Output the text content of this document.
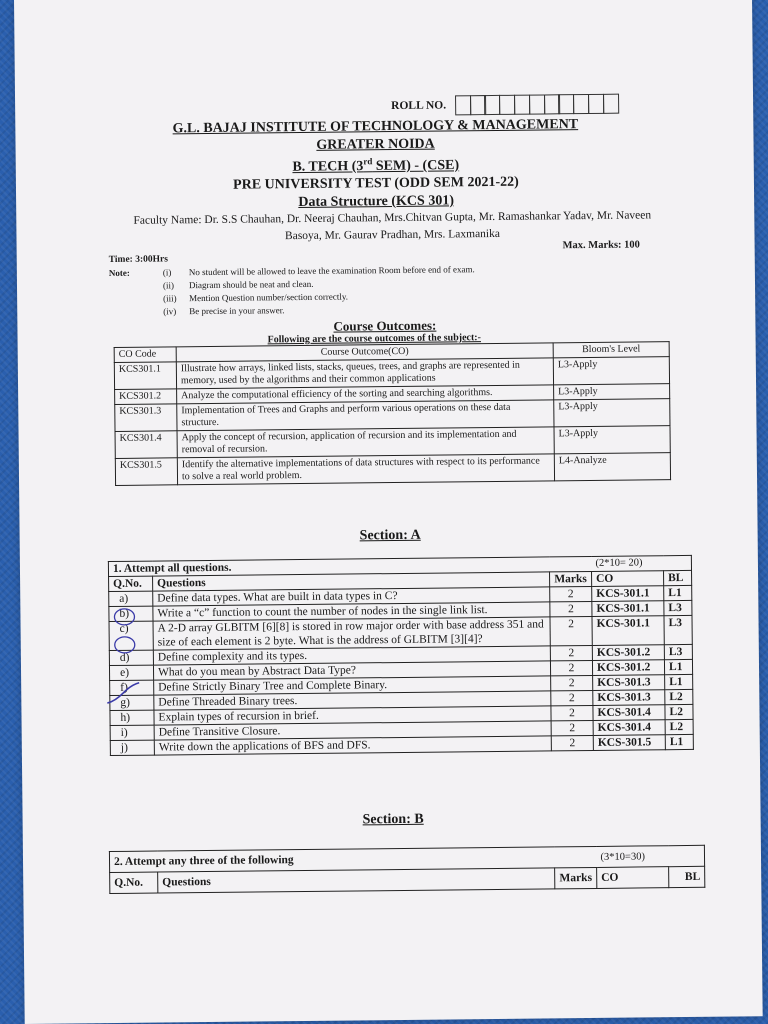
ROLL NO.
G.L. BAJAJ INSTITUTE OF TECHNOLOGY & MANAGEMENT
GREATER NOIDA
B. TECH (3rd SEM) - (CSE)
PRE UNIVERSITY TEST (ODD SEM 2021-22)
Data Structure (KCS 301)
Faculty Name: Dr. S.S Chauhan, Dr. Neeraj Chauhan, Mrs.Chitvan Gupta, Mr. Ramashankar Yadav, Mr. Naveen Basoya, Mr. Gaurav Pradhan, Mrs. Laxmanika
Time: 3:00Hrs
Max. Marks: 100
Note:	(i)	No student will be allowed to leave the examination Room before end of exam.
(ii)	Diagram should be neat and clean.
(iii)	Mention Question number/section correctly.
(iv)	Be precise in your answer.
Course Outcomes:
Following are the course outcomes of the subject:-
CO Code	Course Outcome(CO)	Bloom's Level
KCS301.1	Illustrate how arrays, linked lists, stacks, queues, trees, and graphs are represented in memory, used by the algorithms and their common applications	L3-Apply
KCS301.2	Analyze the computational efficiency of the sorting and searching algorithms.	L3-Apply
KCS301.3	Implementation of Trees and Graphs and perform various operations on these data structure.	L3-Apply
KCS301.4	Apply the concept of recursion, application of recursion and its implementation and removal of recursion.	L3-Apply
KCS301.5	Identify the alternative implementations of data structures with respect to its performance to solve a real world problem.	L4-Analyze
Section: A
1. Attempt all questions.			(2*10= 20)	
Q.No.	Questions	Marks	CO	BL
a)	Define data types. What are built in data types in C?	2	KCS-301.1	L1
b)	Write a “c” function to count the number of nodes in the single link list.	2	KCS-301.1	L3
c)	A 2-D array GLBITM [6][8] is stored in row major order with base address 351 and size of each element is 2 byte. What is the address of GLBITM [3][4]?	2	KCS-301.1	L3
d)	Define complexity and its types.	2	KCS-301.2	L3
e)	What do you mean by Abstract Data Type?	2	KCS-301.2	L1
f)	Define Strictly Binary Tree and Complete Binary.	2	KCS-301.3	L1
g)	Define Threaded Binary trees.	2	KCS-301.3	L2
h)	Explain types of recursion in brief.	2	KCS-301.4	L2
i)	Define Transitive Closure.	2	KCS-301.4	L2
j)	Write down the applications of BFS and DFS.	2	KCS-301.5	L1
Section: B
2. Attempt any three of the following			(3*10=30)	
Q.No.	Questions	Marks	CO	BL
